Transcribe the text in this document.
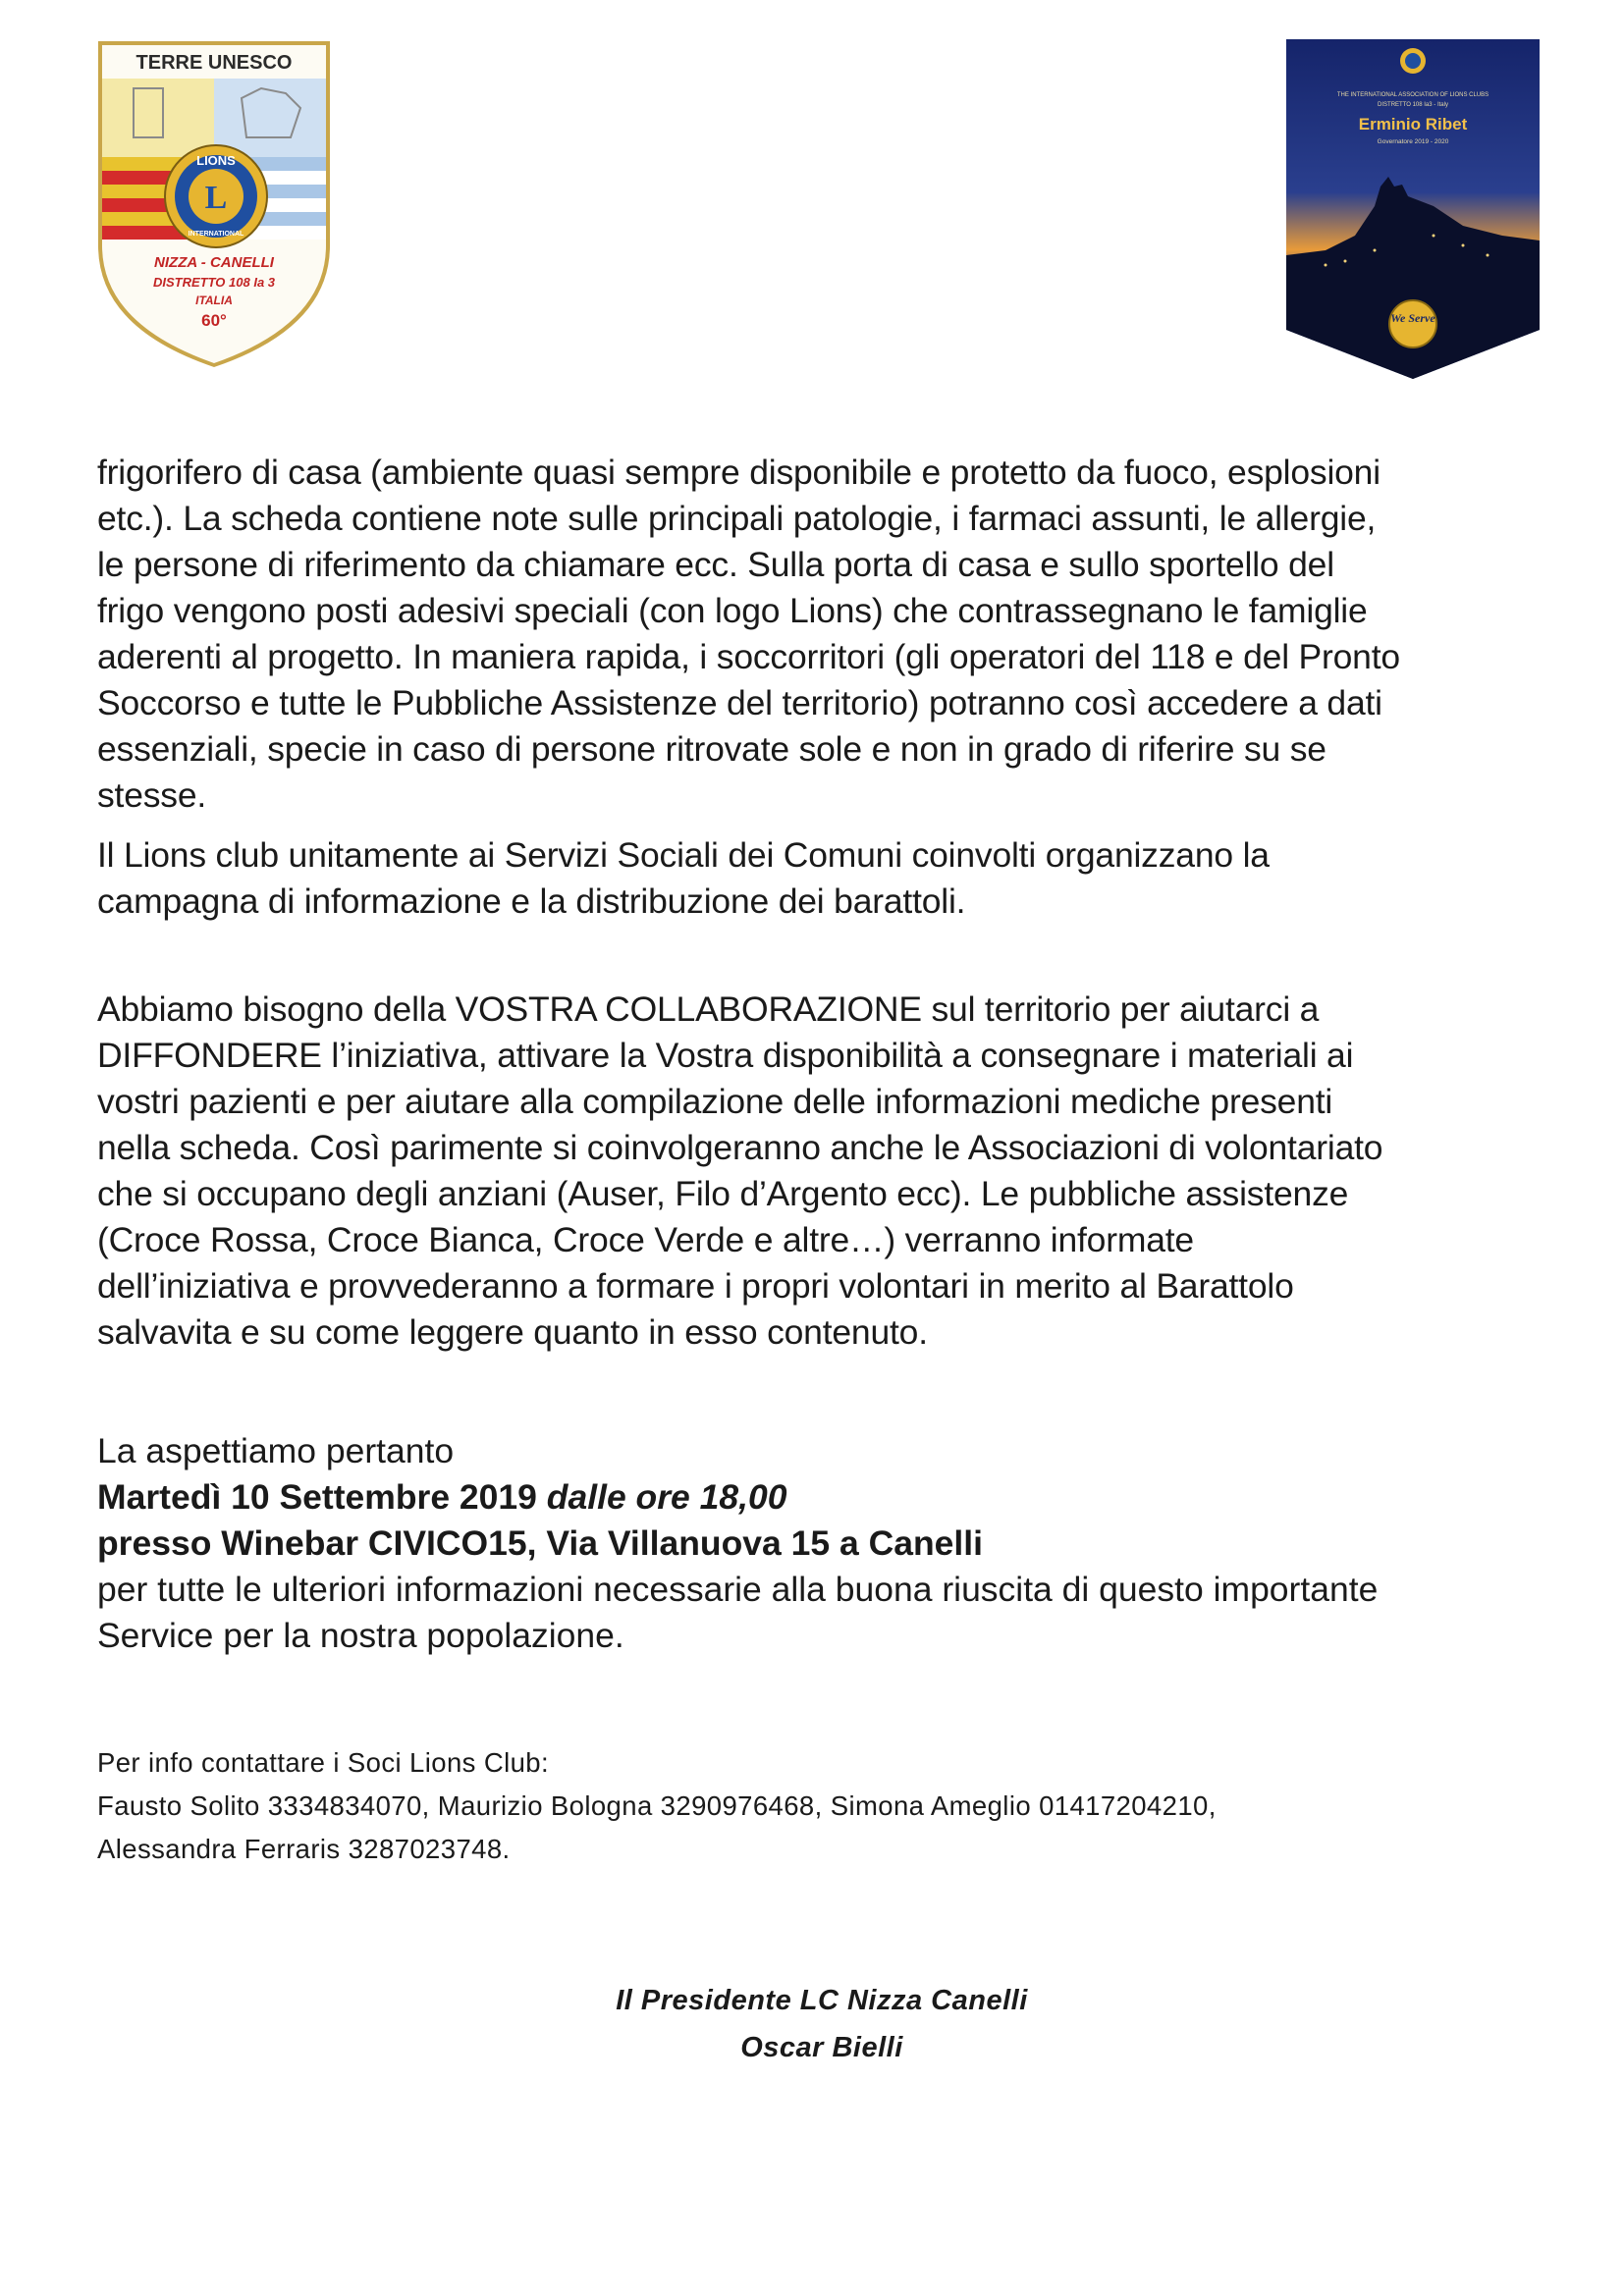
TERRE UNESCO
L
LIONS
INTERNATIONAL
NIZZA - CANELLI
DISTRETTO 108 Ia 3
ITALIA
60°
THE INTERNATIONAL ASSOCIATION OF LIONS CLUBS
DISTRETTO 108 Ia3 - Italy
Erminio Ribet
Governatore 2019 - 2020
We Serve

frigorifero di casa (ambiente quasi sempre disponibile e protetto da fuoco, esplosioni
etc.). La scheda contiene note sulle principali patologie, i farmaci assunti, le allergie,
le persone di riferimento da chiamare ecc. Sulla porta di casa e sullo sportello del
frigo vengono posti adesivi speciali (con logo Lions) che contrassegnano le famiglie
aderenti al progetto. In maniera rapida, i soccorritori (gli operatori del 118 e del Pronto
Soccorso e tutte le Pubbliche Assistenze del territorio) potranno così accedere a dati
essenziali, specie in caso di persone ritrovate sole e non in grado di riferire su se
stesse.

Il Lions club unitamente ai Servizi Sociali dei Comuni coinvolti organizzano la
campagna di informazione e la distribuzione dei barattoli.

Abbiamo bisogno della VOSTRA COLLABORAZIONE sul territorio per aiutarci a
DIFFONDERE l’iniziativa, attivare la Vostra disponibilità a consegnare i materiali ai
vostri pazienti e per aiutare alla compilazione delle informazioni mediche presenti
nella scheda. Così parimente si coinvolgeranno anche le Associazioni di volontariato
che si occupano degli anziani (Auser, Filo d’Argento ecc). Le pubbliche assistenze
(Croce Rossa, Croce Bianca, Croce Verde e altre…) verranno informate
dell’iniziativa e provvederanno a formare i propri volontari in merito al Barattolo
salvavita e su come leggere quanto in esso contenuto.

La aspettiamo pertanto

Martedì 10 Settembre 2019 dalle ore 18,00

presso Winebar CIVICO15, Via Villanuova 15 a Canelli

per tutte le ulteriori informazioni necessarie alla buona riuscita di questo importante
Service per la nostra popolazione.

Per info contattare i Soci Lions Club:

Fausto Solito 3334834070, Maurizio Bologna 3290976468, Simona Ameglio 01417204210,

Alessandra Ferraris 3287023748.

Il Presidente LC Nizza Canelli

Oscar Bielli
